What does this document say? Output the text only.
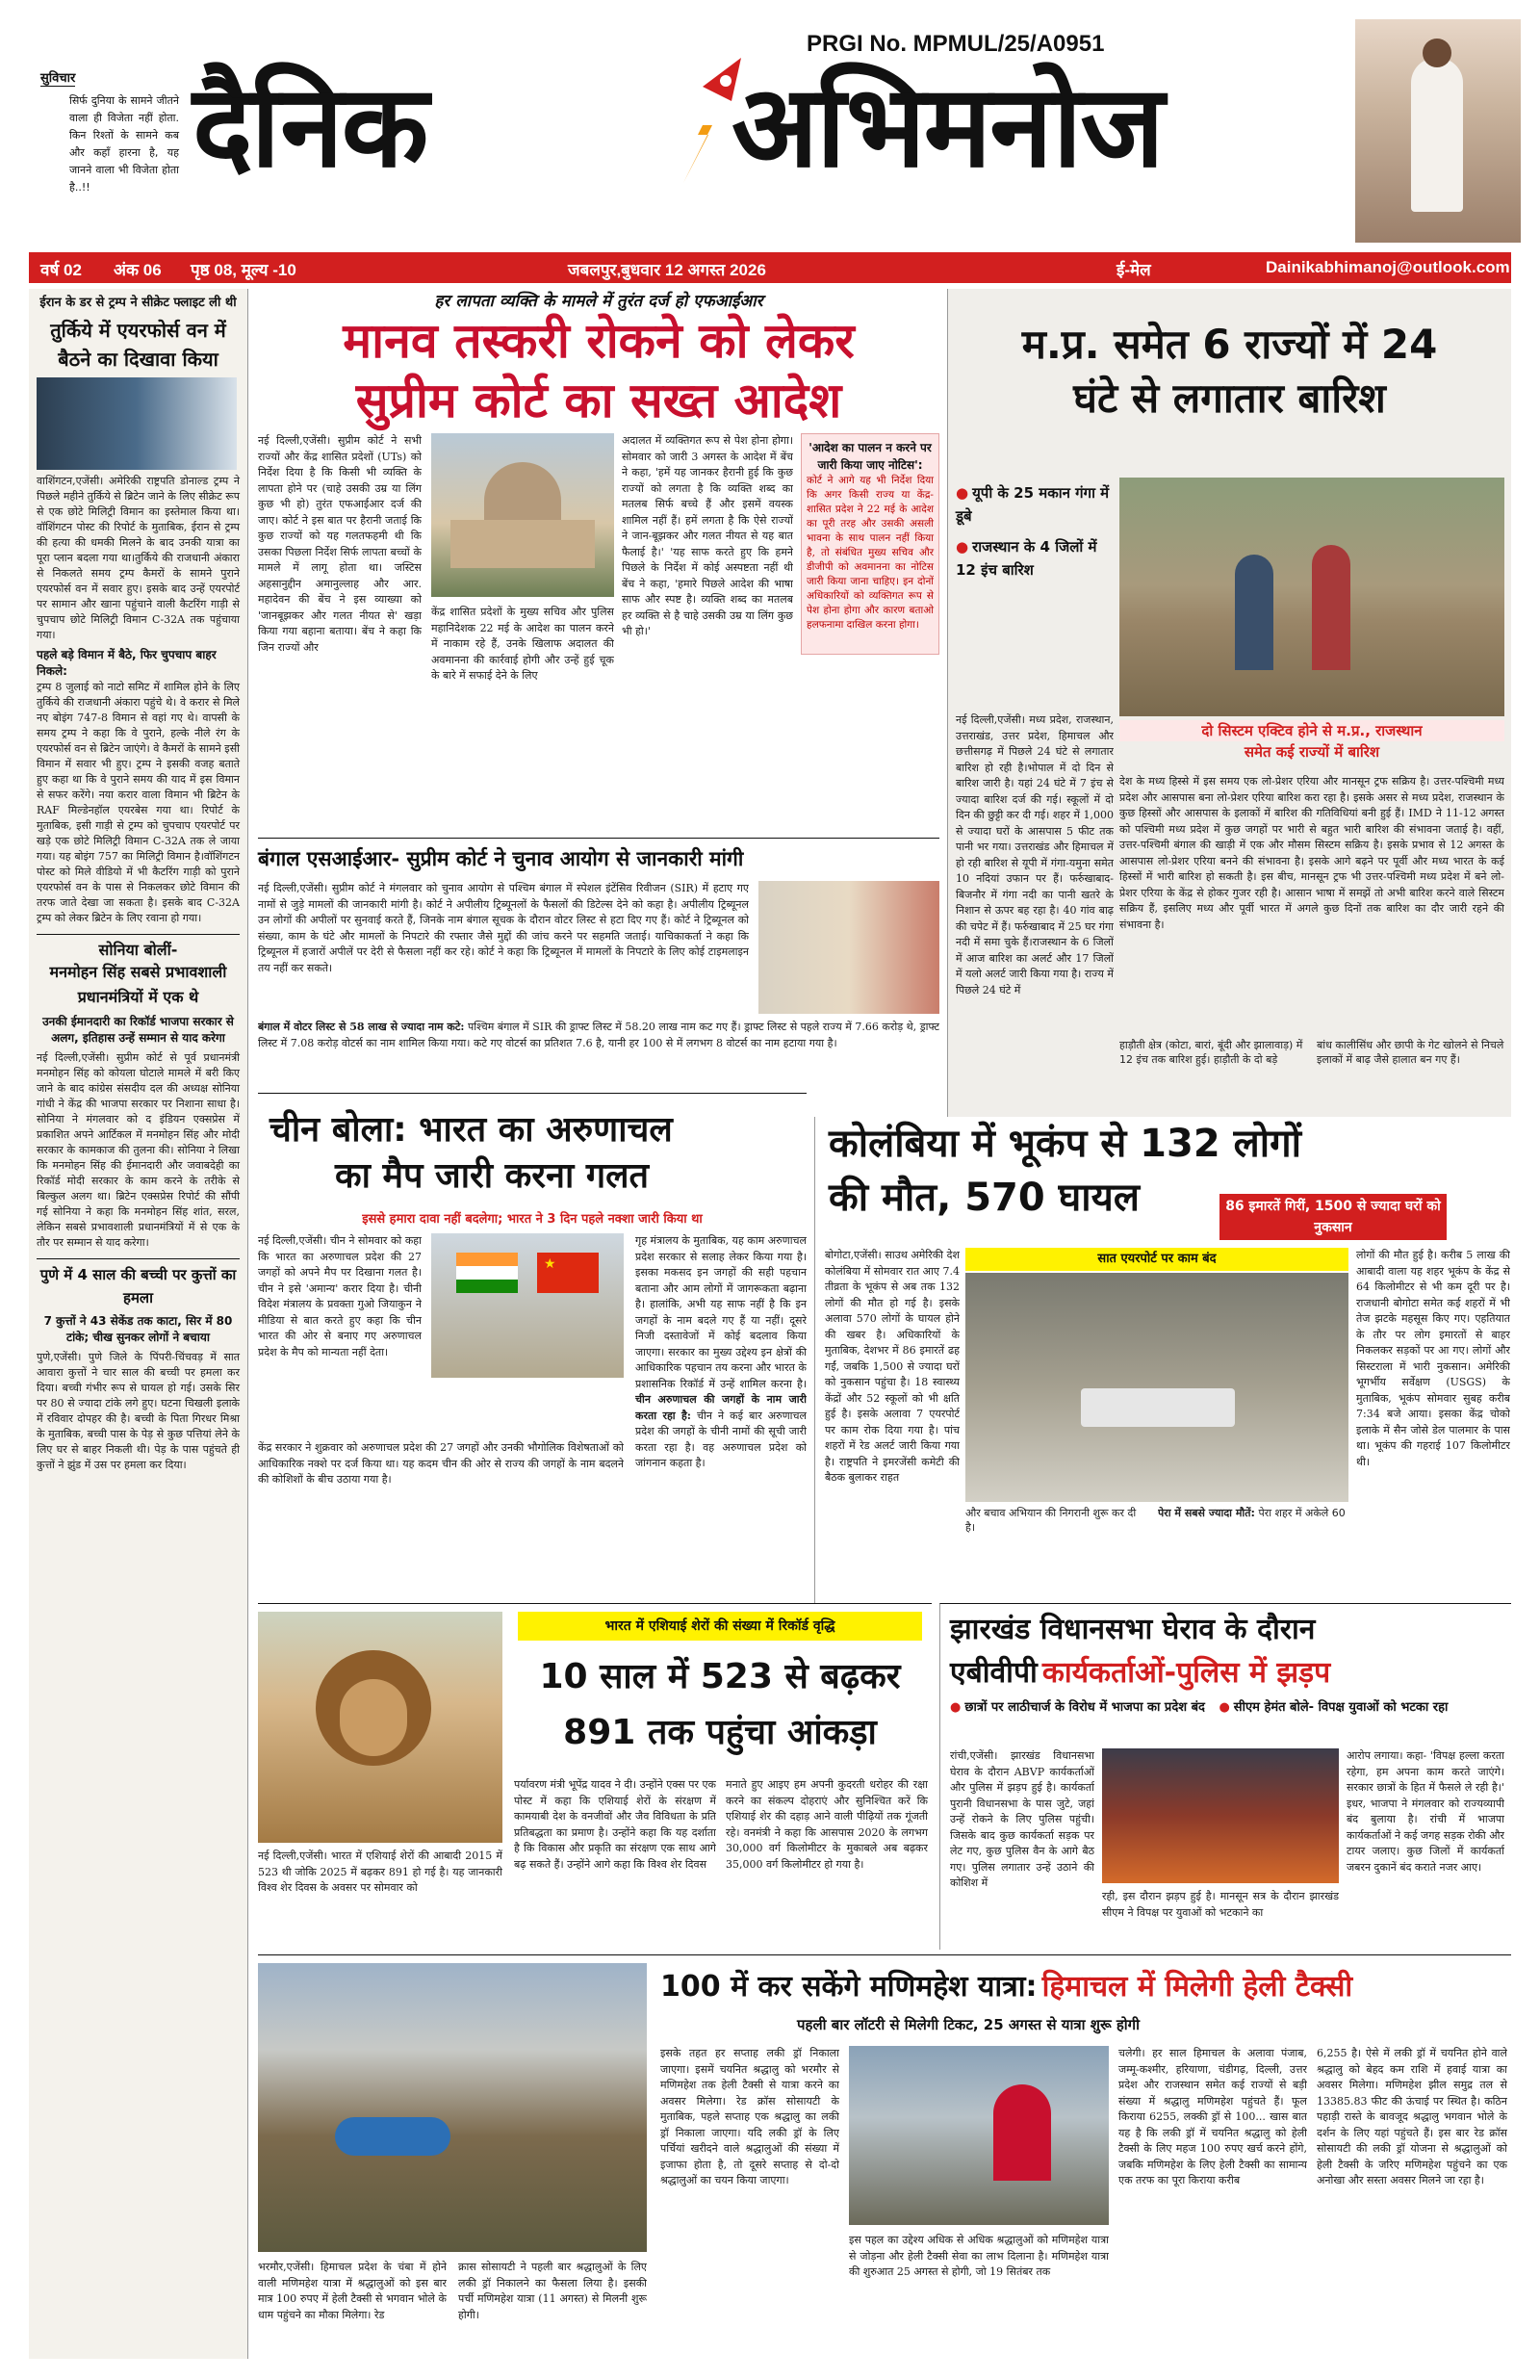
सुविचार
सिर्फ दुनिया के सामने जीतने वाला ही विजेता नहीं होता. किन रिश्तों के सामने कब और कहाँ हारना है, यह जानने वाला भी विजेता होता है..!!
PRGI No. MPMUL/25/A0951
दैनिक	अभिमनोज
वर्ष 02 अंक 06 पृष्ठ 08, मूल्य -10	जबलपुर,बुधवार 12 अगस्त 2026	ई-मेल	Dainikabhimanoj@outlook.com
ईरान के डर से ट्रम्प ने सीक्रेट फ्लाइट ली थी
तुर्किये में एयरफोर्स वन में बैठने का दिखावा किया
वाशिंगटन,एजेंसी। अमेरिकी राष्ट्रपति डोनाल्ड ट्रम्प ने पिछले महीने तुर्किये से ब्रिटेन जाने के लिए सीक्रेट रूप से एक छोटे मिलिट्री विमान का इस्तेमाल किया था। वॉशिंगटन पोस्ट की रिपोर्ट के मुताबिक, ईरान से ट्रम्प की हत्या की धमकी मिलने के बाद उनकी यात्रा का पूरा प्लान बदला गया था।तुर्किये की राजधानी अंकारा से निकलते समय ट्रम्प कैमरों के सामने पुराने एयरफोर्स वन में सवार हुए। इसके बाद उन्हें एयरपोर्ट पर सामान और खाना पहुंचाने वाली कैटरिंग गाड़ी से चुपचाप छोटे मिलिट्री विमान C-32A तक पहुंचाया गया।
पहले बड़े विमान में बैठे, फिर चुपचाप बाहर निकले:
ट्रम्प 8 जुलाई को नाटो समिट में शामिल होने के लिए तुर्किये की राजधानी अंकारा पहुंचे थे। वे करार से मिले नए बोइंग 747-8 विमान से वहां गए थे। वापसी के समय ट्रम्प ने कहा कि वे पुराने, हल्के नीले रंग के एयरफोर्स वन से ब्रिटेन जाएंगे। वे कैमरों के सामने इसी विमान में सवार भी हुए। ट्रम्प ने इसकी वजह बताते हुए कहा था कि वे पुराने समय की याद में इस विमान से सफर करेंगे। नया करार वाला विमान भी ब्रिटेन के RAF मिल्डेनहॉल एयरबेस गया था। रिपोर्ट के मुताबिक, इसी गाड़ी से ट्रम्प को चुपचाप एयरपोर्ट पर खड़े एक छोटे मिलिट्री विमान C-32A तक ले जाया गया। यह बोइंग 757 का मिलिट्री विमान है।वॉशिंगटन पोस्ट को मिले वीडियो में भी कैटरिंग गाड़ी को पुराने एयरफोर्स वन के पास से निकलकर छोटे विमान की तरफ जाते देखा जा सकता है। इसके बाद C-32A ट्रम्प को लेकर ब्रिटेन के लिए रवाना हो गया।
सोनिया बोलीं-
मनमोहन सिंह सबसे प्रभावशाली प्रधानमंत्रियों में एक थे
उनकी ईमानदारी का रिकॉर्ड भाजपा सरकार से अलग, इतिहास उन्हें सम्मान से याद करेगा
नई दिल्ली,एजेंसी। सुप्रीम कोर्ट से पूर्व प्रधानमंत्री मनमोहन सिंह को कोयला घोटाले मामले में बरी किए जाने के बाद कांग्रेस संसदीय दल की अध्यक्ष सोनिया गांधी ने केंद्र की भाजपा सरकार पर निशाना साधा है। सोनिया ने मंगलवार को द इंडियन एक्सप्रेस में प्रकाशित अपने आर्टिकल में मनमोहन सिंह और मोदी सरकार के कामकाज की तुलना की। सोनिया ने लिखा कि मनमोहन सिंह की ईमानदारी और जवाबदेही का रिकॉर्ड मोदी सरकार के काम करने के तरीके से बिल्कुल अलग था। ब्रिटेन एक्सप्रेस रिपोर्ट की सौंपी गई सोनिया ने कहा कि मनमोहन सिंह शांत, सरल, लेकिन सबसे प्रभावशाली प्रधानमंत्रियों में से एक के तौर पर सम्मान से याद करेगा।
पुणे में 4 साल की बच्ची पर कुत्तों का हमला
7 कुत्तों ने 43 सेकेंड तक काटा, सिर में 80 टांके; चीख सुनकर लोगों ने बचाया
पुणे,एजेंसी। पुणे जिले के पिंपरी-चिंचवड़ में सात आवारा कुत्तों ने चार साल की बच्ची पर हमला कर दिया। बच्ची गंभीर रूप से घायल हो गई। उसके सिर पर 80 से ज्यादा टांके लगे हुए। घटना चिखली इलाके में रविवार दोपहर की है। बच्ची के पिता गिरधर मिश्रा के मुताबिक, बच्ची पास के पेड़ से कुछ पत्तियां लेने के लिए घर से बाहर निकली थी। पेड़ के पास पहुंचते ही कुत्तों ने झुंड में उस पर हमला कर दिया।
हर लापता व्यक्ति के मामले में तुरंत दर्ज हो एफआईआर
मानव तस्करी रोकने को लेकर
सुप्रीम कोर्ट का सख्त आदेश
नई दिल्ली,एजेंसी। सुप्रीम कोर्ट ने सभी राज्यों और केंद्र शासित प्रदेशों (UTs) को निर्देश दिया है कि किसी भी व्यक्ति के लापता होने पर (चाहे उसकी उम्र या लिंग कुछ भी हो) तुरंत एफआईआर दर्ज की जाए। कोर्ट ने इस बात पर हैरानी जताई कि कुछ राज्यों को यह गलतफहमी थी कि उसका पिछला निर्देश सिर्फ लापता बच्चों के मामले में लागू होता था। जस्टिस अहसानुद्दीन अमानुल्लाह और आर. महादेवन की बेंच ने इस व्याख्या को 'जानबूझकर और गलत नीयत से' खड़ा किया गया बहाना बताया। बेंच ने कहा कि जिन राज्यों और
केंद्र शासित प्रदेशों के मुख्य सचिव और पुलिस महानिदेशक 22 मई के आदेश का पालन करने में नाकाम रहे हैं, उनके खिलाफ अदालत की अवमानना की कार्रवाई होगी और उन्हें हुई चूक के बारे में सफाई देने के लिए
अदालत में व्यक्तिगत रूप से पेश होना होगा। सोमवार को जारी 3 अगस्त के आदेश में बेंच ने कहा, 'हमें यह जानकर हैरानी हुई कि कुछ राज्यों को लगता है कि व्यक्ति शब्द का मतलब सिर्फ बच्चे हैं और इसमें वयस्क शामिल नहीं हैं। हमें लगता है कि ऐसे राज्यों ने जान-बूझकर और गलत नीयत से यह बात फैलाई है।' 'यह साफ करते हुए कि हमने पिछले के निर्देश में कोई अस्पष्टता नहीं थी बेंच ने कहा, 'हमारे पिछले आदेश की भाषा साफ और स्पष्ट है। व्यक्ति शब्द का मतलब हर व्यक्ति से है चाहे उसकी उम्र या लिंग कुछ भी हो।'
'आदेश का पालन न करने पर जारी किया जाए नोटिस':
कोर्ट ने आगे यह भी निर्देश दिया कि अगर किसी राज्य या केंद्र-शासित प्रदेश ने 22 मई के आदेश का पूरी तरह और उसकी असली भावना के साथ पालन नहीं किया है, तो संबंधित मुख्य सचिव और डीजीपी को अवमानना का नोटिस जारी किया जाना चाहिए। इन दोनों अधिकारियों को व्यक्तिगत रूप से पेश होना होगा और कारण बताओ हलफनामा दाखिल करना होगा।
बंगाल एसआईआर- सुप्रीम कोर्ट ने चुनाव आयोग से जानकारी मांगी
नई दिल्ली,एजेंसी। सुप्रीम कोर्ट ने मंगलवार को चुनाव आयोग से पश्चिम बंगाल में स्पेशल इंटेंसिव रिवीजन (SIR) में हटाए गए नामों से जुड़े मामलों की जानकारी मांगी है। कोर्ट ने अपीलीय ट्रिब्यूनलों के फैसलों की डिटेल्स देने को कहा है। अपीलीय ट्रिब्यूनल उन लोगों की अपीलों पर सुनवाई करते हैं, जिनके नाम बंगाल सूचक के दौरान वोटर लिस्ट से हटा दिए गए हैं। कोर्ट ने ट्रिब्यूनल को संख्या, काम के घंटे और मामलों के निपटारे की रफ्तार जैसे मुद्दों की जांच करने पर सहमति जताई। याचिकाकर्ता ने कहा कि ट्रिब्यूनल में हजारों अपीलें पर देरी से फैसला नहीं कर रहे। कोर्ट ने कहा कि ट्रिब्यूनल में मामलों के निपटारे के लिए कोई टाइमलाइन तय नहीं कर सकते।
बंगाल में वोटर लिस्ट से 58 लाख से ज्यादा नाम कटे: पश्चिम बंगाल में SIR की ड्राफ्ट लिस्ट में 58.20 लाख नाम कट गए हैं। ड्राफ्ट लिस्ट से पहले राज्य में 7.66 करोड़ थे, ड्राफ्ट लिस्ट में 7.08 करोड़ वोटर्स का नाम शामिल किया गया। कटे गए वोटर्स का प्रतिशत 7.6 है, यानी हर 100 से में लगभग 8 वोटर्स का नाम हटाया गया है।
म.प्र. समेत 6 राज्यों में 24
घंटे से लगातार बारिश
● यूपी के 25 मकान गंगा में डूबे
● राजस्थान के 4 जिलों में 12 इंच बारिश
नई दिल्ली,एजेंसी। मध्य प्रदेश, राजस्थान, उत्तराखंड, उत्तर प्रदेश, हिमाचल और छत्तीसगढ़ में पिछले 24 घंटे से लगातार बारिश हो रही है।भोपाल में दो दिन से बारिश जारी है। यहां 24 घंटे में 7 इंच से ज्यादा बारिश दर्ज की गई। स्कूलों में दो दिन की छुट्टी कर दी गई। शहर में 1,000 से ज्यादा घरों के आसपास 5 फीट तक पानी भर गया। उत्तराखंड और हिमाचल में हो रही बारिश से यूपी में गंगा-यमुना समेत 10 नदियां उफान पर हैं। फर्रुखाबाद-बिजनौर में गंगा नदी का पानी खतरे के निशान से ऊपर बह रहा है। 40 गांव बाढ़ की चपेट में हैं। फर्रुखाबाद में 25 घर गंगा नदी में समा चुके हैं।राजस्थान के 6 जिलों में आज बारिश का अलर्ट और 17 जिलों में यलो अलर्ट जारी किया गया है। राज्य में पिछले 24 घंटे में
दो सिस्टम एक्टिव होने से म.प्र., राजस्थान
समेत कई राज्यों में बारिश
देश के मध्य हिस्से में इस समय एक लो-प्रेशर एरिया और मानसून ट्रफ सक्रिय है। उत्तर-पश्चिमी मध्य प्रदेश और आसपास बना लो-प्रेशर एरिया बारिश करा रहा है। इसके असर से मध्य प्रदेश, राजस्थान के कुछ हिस्सों और आसपास के इलाकों में बारिश की गतिविधियां बनी हुई हैं। IMD ने 11-12 अगस्त को पश्चिमी मध्य प्रदेश में कुछ जगहों पर भारी से बहुत भारी बारिश की संभावना जताई है। वहीं, उत्तर-पश्चिमी बंगाल की खाड़ी में एक और मौसम सिस्टम सक्रिय है। इसके प्रभाव से 12 अगस्त के आसपास लो-प्रेशर एरिया बनने की संभावना है। इसके आगे बढ़ने पर पूर्वी और मध्य भारत के कई हिस्सों में भारी बारिश हो सकती है। इस बीच, मानसून ट्रफ भी उत्तर-पश्चिमी मध्य प्रदेश में बने लो-प्रेशर एरिया के केंद्र से होकर गुजर रही है। आसान भाषा में समझें तो अभी बारिश करने वाले सिस्टम सक्रिय हैं, इसलिए मध्य और पूर्वी भारत में अगले कुछ दिनों तक बारिश का दौर जारी रहने की संभावना है।
हाड़ौती क्षेत्र (कोटा, बारां, बूंदी और झालावाड़) में 12 इंच तक बारिश हुई। हाड़ौती के दो बड़े
बांध कालीसिंध और छापी के गेट खोलने से निचले इलाकों में बाढ़ जैसे हालात बन गए हैं।
चीन बोला: भारत का अरुणाचल
का मैप जारी करना गलत
इससे हमारा दावा नहीं बदलेगा; भारत ने 3 दिन पहले नक्शा जारी किया था
नई दिल्ली,एजेंसी। चीन ने सोमवार को कहा कि भारत का अरुणाचल प्रदेश की 27 जगहों को अपने मैप पर दिखाना गलत है। चीन ने इसे 'अमान्य' करार दिया है। चीनी विदेश मंत्रालय के प्रवक्ता गुओ जियाकुन ने मीडिया से बात करते हुए कहा कि चीन भारत की ओर से बनाए गए अरुणाचल प्रदेश के मैप को मान्यता नहीं देता।
★
केंद्र सरकार ने शुक्रवार को अरुणाचल प्रदेश की 27 जगहों और उनकी भौगोलिक विशेषताओं को आधिकारिक नक्शे पर दर्ज किया था। यह कदम चीन की ओर से राज्य की जगहों के नाम बदलने की कोशिशों के बीच उठाया गया है।
गृह मंत्रालय के मुताबिक, यह काम अरुणाचल प्रदेश सरकार से सलाह लेकर किया गया है। इसका मकसद इन जगहों की सही पहचान बताना और आम लोगों में जागरूकता बढ़ाना है। हालांकि, अभी यह साफ नहीं है कि इन जगहों के नाम बदले गए हैं या नहीं। दूसरे निजी दस्तावेजों में कोई बदलाव किया जाएगा। सरकार का मुख्य उद्देश्य इन क्षेत्रों की आधिकारिक पहचान तय करना और भारत के प्रशासनिक रिकॉर्ड में उन्हें शामिल करना है। चीन अरुणाचल की जगहों के नाम जारी करता रहा है: चीन ने कई बार अरुणाचल प्रदेश की जगहों के चीनी नामों की सूची जारी करता रहा है। वह अरुणाचल प्रदेश को जांगनान कहता है।
कोलंबिया में भूकंप से 132 लोगों
की मौत, 570 घायल	86 इमारतें गिरीं, 1500 से ज्यादा घरों को नुकसान
बोगोटा,एजेंसी। साउथ अमेरिकी देश कोलंबिया में सोमवार रात आए 7.4 तीव्रता के भूकंप से अब तक 132 लोगों की मौत हो गई है। इसके अलावा 570 लोगों के घायल होने की खबर है। अधिकारियों के मुताबिक, देशभर में 86 इमारतें ढह गईं, जबकि 1,500 से ज्यादा घरों को नुकसान पहुंचा है। 18 स्वास्थ्य केंद्रों और 52 स्कूलों को भी क्षति हुई है। इसके अलावा 7 एयरपोर्ट पर काम रोक दिया गया है। पांच शहरों में रेड अलर्ट जारी किया गया है। राष्ट्रपति ने इमरजेंसी कमेटी की बैठक बुलाकर राहत
सात एयरपोर्ट पर काम बंद
और बचाव अभियान की निगरानी शुरू कर दी है।
पेरा में सबसे ज्यादा मौतें: पेरा शहर में अकेले 60
लोगों की मौत हुई है। करीब 5 लाख की आबादी वाला यह शहर भूकंप के केंद्र से 64 किलोमीटर से भी कम दूरी पर है। राजधानी बोगोटा समेत कई शहरों में भी तेज झटके महसूस किए गए। एहतियात के तौर पर लोग इमारतों से बाहर निकलकर सड़कों पर आ गए। लोगों और सिस्टराला में भारी नुकसान। अमेरिकी भूगर्भीय सर्वेक्षण (USGS) के मुताबिक, भूकंप सोमवार सुबह करीब 7:34 बजे आया। इसका केंद्र चोको इलाके में सैन जोसे डेल पालमार के पास था। भूकंप की गहराई 107 किलोमीटर थी।
भारत में एशियाई शेरों की संख्या में रिकॉर्ड वृद्धि
10 साल में 523 से बढ़कर
891 तक पहुंचा आंकड़ा
नई दिल्ली,एजेंसी। भारत में एशियाई शेरों की आबादी 2015 में 523 थी जोकि 2025 में बढ़कर 891 हो गई है। यह जानकारी विश्व शेर दिवस के अवसर पर सोमवार को
पर्यावरण मंत्री भूपेंद्र यादव ने दी। उन्होंने एक्स पर एक पोस्ट में कहा कि एशियाई शेरों के संरक्षण में कामयाबी देश के वनजीवों और जैव विविधता के प्रति प्रतिबद्धता का प्रमाण है। उन्होंने कहा कि यह दर्शाता है कि विकास और प्रकृति का संरक्षण एक साथ आगे बढ़ सकते हैं। उन्होंने आगे कहा कि विश्व शेर दिवस
मनाते हुए आइए हम अपनी कुदरती धरोहर की रक्षा करने का संकल्प दोहराएं और सुनिश्चित करें कि एशियाई शेर की दहाड़ आने वाली पीढ़ियों तक गूंजती रहे। वनमंत्री ने कहा कि आसपास 2020 के लगभग 30,000 वर्ग किलोमीटर के मुकाबले अब बढ़कर 35,000 वर्ग किलोमीटर हो गया है।
झारखंड विधानसभा घेराव के दौरान
एबीवीपी कार्यकर्ताओं-पुलिस में झड़प
● छात्रों पर लाठीचार्ज के विरोध में भाजपा का प्रदेश बंद ● सीएम हेमंत बोले- विपक्ष युवाओं को भटका रहा
रांची,एजेंसी। झारखंड विधानसभा घेराव के दौरान ABVP कार्यकर्ताओं और पुलिस में झड़प हुई है। कार्यकर्ता पुरानी विधानसभा के पास जुटे, जहां उन्हें रोकने के लिए पुलिस पहुंची। जिसके बाद कुछ कार्यकर्ता सड़क पर लेट गए, कुछ पुलिस वैन के आगे बैठ गए। पुलिस लगातार उन्हें उठाने की कोशिश में
रही, इस दौरान झड़प हुई है। मानसून सत्र के दौरान झारखंड सीएम ने विपक्ष पर युवाओं को भटकाने का
आरोप लगाया। कहा- 'विपक्ष हल्ला करता रहेगा, हम अपना काम करते जाएंगे। सरकार छात्रों के हित में फैसले ले रही है।' इधर, भाजपा ने मंगलवार को राज्यव्यापी बंद बुलाया है। रांची में भाजपा कार्यकर्ताओं ने कई जगह सड़क रोकी और टायर जलाए। कुछ जिलों में कार्यकर्ता जबरन दुकानें बंद कराते नजर आए।
100 में कर सकेंगे मणिमहेश यात्रा: हिमाचल में मिलेगी हेली टैक्सी
पहली बार लॉटरी से मिलेगी टिकट, 25 अगस्त से यात्रा शुरू होगी
भरमौर,एजेंसी। हिमाचल प्रदेश के चंबा में होने वाली मणिमहेश यात्रा में श्रद्धालुओं को इस बार मात्र 100 रुपए में हेली टैक्सी से भगवान भोले के धाम पहुंचने का मौका मिलेगा। रेड
क्रास सोसायटी ने पहली बार श्रद्धालुओं के लिए लकी ड्रॉ निकालने का फैसला लिया है। इसकी पर्ची मणिमहेश यात्रा (11 अगस्त) से मिलनी शुरू होगी।
इसके तहत हर सप्ताह लकी ड्रॉ निकाला जाएगा। इसमें चयनित श्रद्धालु को भरमौर से मणिमहेश तक हेली टैक्सी से यात्रा करने का अवसर मिलेगा। रेड क्रॉस सोसायटी के मुताबिक, पहले सप्ताह एक श्रद्धालु का लकी ड्रॉ निकाला जाएगा। यदि लकी ड्रॉ के लिए पर्चियां खरीदने वाले श्रद्धालुओं की संख्या में इजाफा होता है, तो दूसरे सप्ताह से दो-दो श्रद्धालुओं का चयन किया जाएगा।
इस पहल का उद्देश्य अधिक से अधिक श्रद्धालुओं को मणिमहेश यात्रा से जोड़ना और हेली टैक्सी सेवा का लाभ दिलाना है। मणिमहेश यात्रा की शुरुआत 25 अगस्त से होगी, जो 19 सितंबर तक
चलेगी। हर साल हिमाचल के अलावा पंजाब, जम्मू-कश्मीर, हरियाणा, चंडीगढ़, दिल्ली, उत्तर प्रदेश और राजस्थान समेत कई राज्यों से बड़ी संख्या में श्रद्धालु मणिमहेश पहुंचते हैं। फूल किराया 6255, लक्की ड्रॉ से 100... खास बात यह है कि लकी ड्रॉ में चयनित श्रद्धालु को हेली टैक्सी के लिए महज 100 रुपए खर्च करने होंगे, जबकि मणिमहेश के लिए हेली टैक्सी का सामान्य एक तरफ का पूरा किराया करीब
6,255 है। ऐसे में लकी ड्रॉ में चयनित होने वाले श्रद्धालु को बेहद कम राशि में हवाई यात्रा का अवसर मिलेगा। मणिमहेश झील समुद्र तल से 13385.83 फीट की ऊंचाई पर स्थित है। कठिन पहाड़ी रास्ते के बावजूद श्रद्धालु भगवान भोले के दर्शन के लिए यहां पहुंचते हैं। इस बार रेड क्रॉस सोसायटी की लकी ड्रॉ योजना से श्रद्धालुओं को हेली टैक्सी के जरिए मणिमहेश पहुंचने का एक अनोखा और सस्ता अवसर मिलने जा रहा है।
